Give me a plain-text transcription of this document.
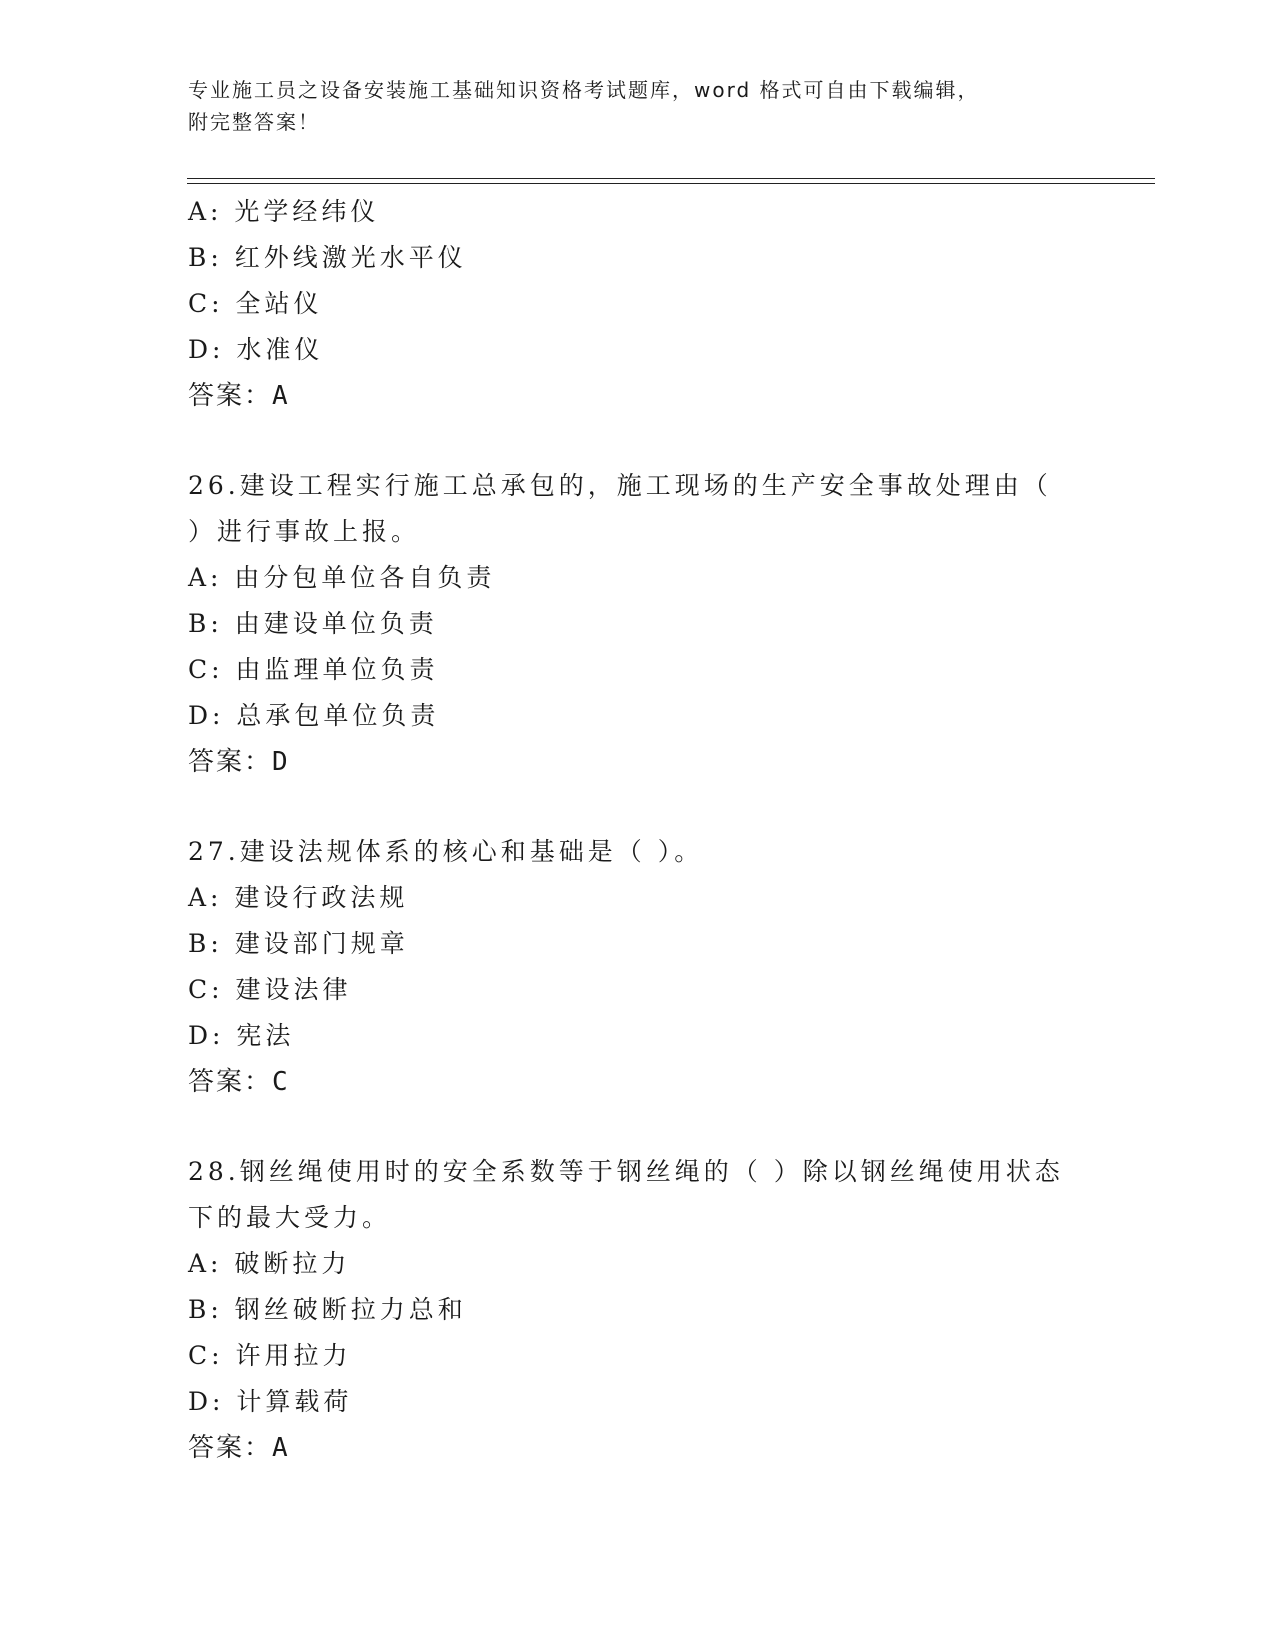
专业施工员之设备安装施工基础知识资格考试题库，word 格式可自由下载编辑，
附完整答案！
A: 光学经纬仪
B: 红外线激光水平仪
C: 全站仪
D: 水准仪
答案：A
26.建设工程实行施工总承包的，施工现场的生产安全事故处理由（
）进行事故上报。
A: 由分包单位各自负责
B: 由建设单位负责
C: 由监理单位负责
D: 总承包单位负责
答案：D
27.建设法规体系的核心和基础是（ ）。
A: 建设行政法规
B: 建设部门规章
C: 建设法律
D: 宪法
答案：C
28.钢丝绳使用时的安全系数等于钢丝绳的（ ）除以钢丝绳使用状态
下的最大受力。
A: 破断拉力
B: 钢丝破断拉力总和
C: 许用拉力
D: 计算载荷
答案：A
